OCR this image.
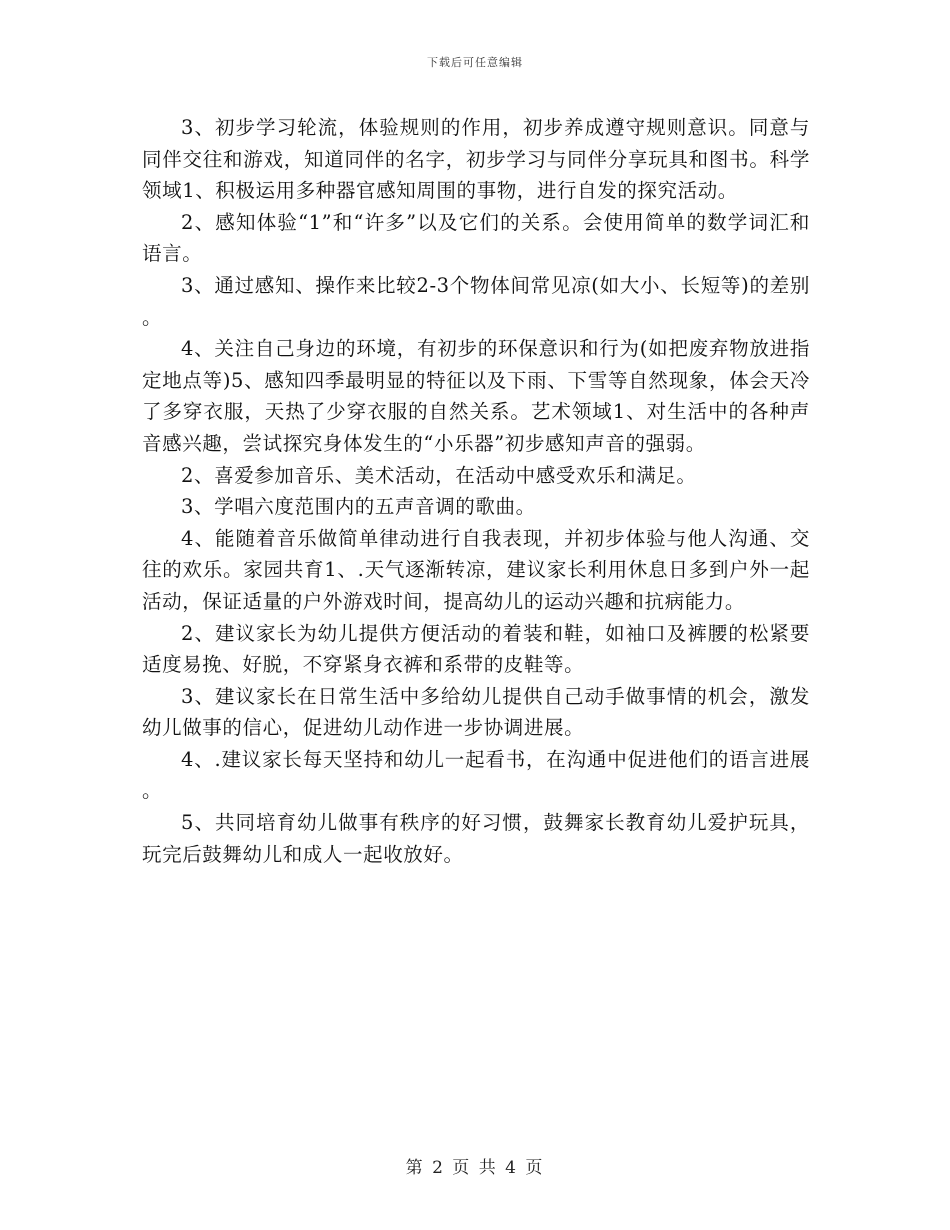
下载后可任意编辑

3、初步学习轮流，体验规则的作用，初步养成遵守规则意识。同意与同伴交往和游戏，知道同伴的名字，初步学习与同伴分享玩具和图书。科学领域1、积极运用多种器官感知周围的事物，进行自发的探究活动。

2、感知体验“1”和“许多”以及它们的关系。会使用简单的数学词汇和语言。

3、通过感知、操作来比较2-3个物体间常见凉(如大小、长短等)的差别。

4、关注自己身边的环境，有初步的环保意识和行为(如把废弃物放进指定地点等)5、感知四季最明显的特征以及下雨、下雪等自然现象，体会天冷了多穿衣服，天热了少穿衣服的自然关系。艺术领域1、对生活中的各种声音感兴趣，尝试探究身体发生的“小乐器”初步感知声音的强弱。

2、喜爱参加音乐、美术活动，在活动中感受欢乐和满足。

3、学唱六度范围内的五声音调的歌曲。

4、能随着音乐做简单律动进行自我表现，并初步体验与他人沟通、交往的欢乐。家园共育1、.天气逐渐转凉，建议家长利用休息日多到户外一起活动，保证适量的户外游戏时间，提高幼儿的运动兴趣和抗病能力。

2、建议家长为幼儿提供方便活动的着装和鞋，如袖口及裤腰的松紧要适度易挽、好脱，不穿紧身衣裤和系带的皮鞋等。

3、建议家长在日常生活中多给幼儿提供自己动手做事情的机会，激发幼儿做事的信心，促进幼儿动作进一步协调进展。

4、.建议家长每天坚持和幼儿一起看书，在沟通中促进他们的语言进展。

5、共同培育幼儿做事有秩序的好习惯，鼓舞家长教育幼儿爱护玩具，玩完后鼓舞幼儿和成人一起收放好。

第 2 页 共 4 页
